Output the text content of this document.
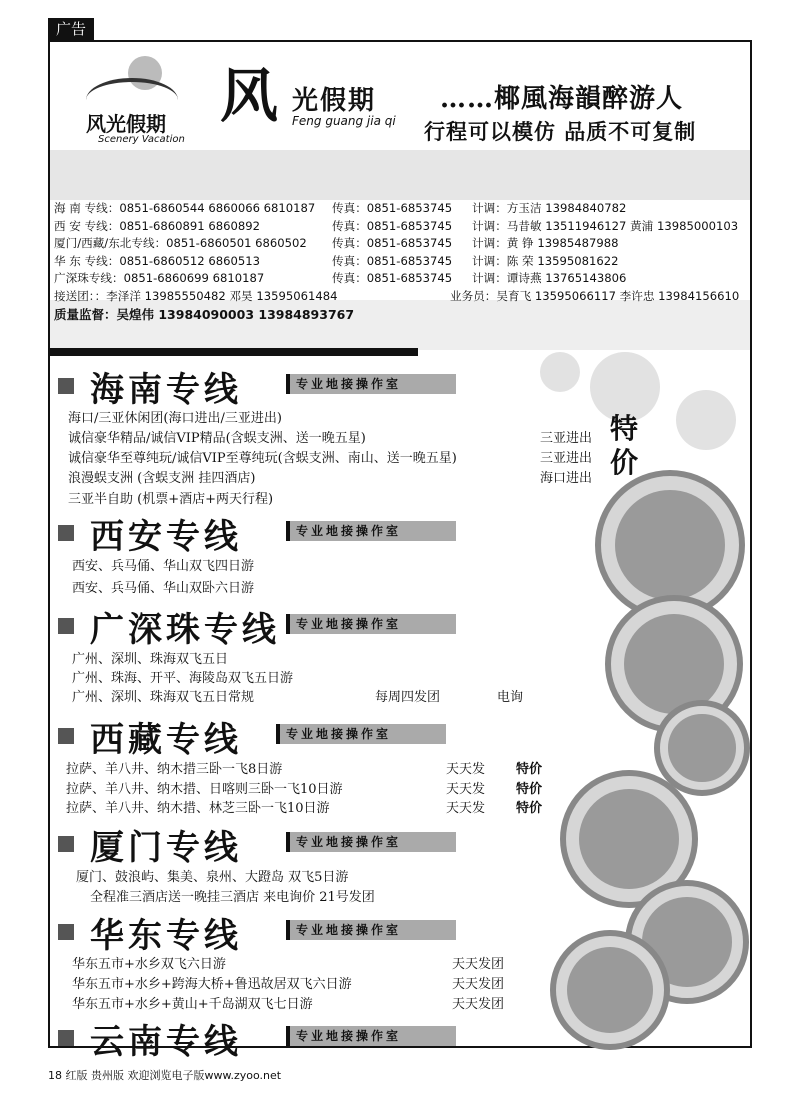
广告
风光假期
Scenery Vacation
风 光假期
Feng guang jia qi
……椰風海韻醉游人
行程可以模仿 品质不可复制
海 南 专线：0851-6860544 6860066 6810187 传真：0851-6853745 计调：方玉洁 13984840782
西 安 专线：0851-6860891 6860892	传真：0851-6853745 计调：马昔敏 13511946127 黄浦 13985000103
厦门/西藏/东北专线：0851-6860501 6860502 传真：0851-6853745 计调：黄 铮 13985487988
华 东 专线：0851-6860512 6860513	传真：0851-6853745 计调：陈 荣 13595081622
广深珠专线：0851-6860699 6810187	传真：0851-6853745 计调：谭诗燕 13765143806
接送团：：李泽洋 13985550482 邓昊 13595061484	业务员：吴育飞 13595066117 李许忠 13984156610
质量监督：吴煌伟 13984090003 13984893767
特价
海南专线	专业地接操作室
海口/三亚休闲团(海口进出/三亚进出)
诚信豪华精品/诚信VIP精品(含蜈支洲、送一晚五星)	三亚进出
诚信豪华至尊纯玩/诚信VIP至尊纯玩(含蜈支洲、南山、送一晚五星)	三亚进出
浪漫蜈支洲 (含蜈支洲 挂四酒店)	海口进出
三亚半自助 (机票+酒店+两天行程)
西安专线	专业地接操作室
西安、兵马俑、华山双飞四日游
西安、兵马俑、华山双卧六日游
广深珠专线	专业地接操作室
广州、深圳、珠海双飞五日
广州、珠海、开平、海陵岛双飞五日游
广州、深圳、珠海双飞五日常规	每周四发团	电询
西藏专线	专业地接操作室
拉萨、羊八井、纳木措三卧一飞8日游	天天发 特价
拉萨、羊八井、纳木措、日喀则三卧一飞10日游	天天发 特价
拉萨、羊八井、纳木措、林芝三卧一飞10日游	天天发 特价
厦门专线	专业地接操作室
厦门、鼓浪屿、集美、泉州、大蹬岛 双飞5日游
全程准三酒店送一晚挂三酒店 来电询价 21号发团
华东专线	专业地接操作室
华东五市+水乡双飞六日游	天天发团
华东五市+水乡+跨海大桥+鲁迅故居双飞六日游	天天发团
华东五市+水乡+黄山+千岛湖双飞七日游	天天发团
云南专线	专业地接操作室
18 红版 贵州版 欢迎浏览电子版www.zyoo.net
